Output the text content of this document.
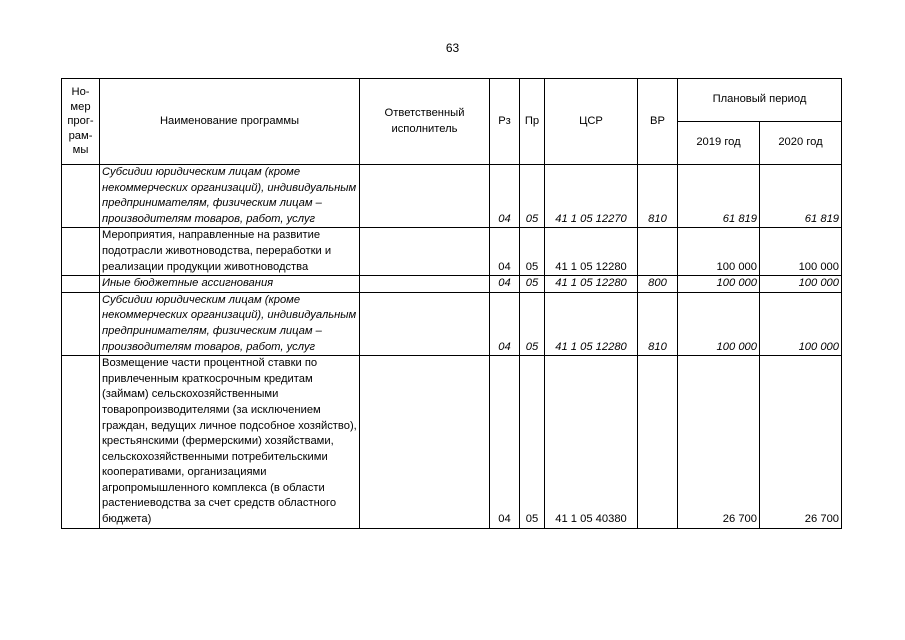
63
Но-мер прог-рам-мы	Наименование программы	Ответственный исполнитель	Рз	Пр	ЦСР	ВР	Плановый период	
							2019 год	2020 год
	Субсидии юридическим лицам (кроме некоммерческих организаций), индивидуальным предпринимателям, физическим лицам – производителям товаров, работ, услуг		04	05	41 1 05 12270	810	61 819	61 819
	Мероприятия, направленные на развитие подотрасли животноводства, переработки и реализации продукции животноводства		04	05	41 1 05 12280		100 000	100 000
	Иные бюджетные ассигнования		04	05	41 1 05 12280	800	100 000	100 000
	Субсидии юридическим лицам (кроме некоммерческих организаций), индивидуальным предпринимателям, физическим лицам – производителям товаров, работ, услуг		04	05	41 1 05 12280	810	100 000	100 000
	Возмещение части процентной ставки по привлеченным краткосрочным кредитам (займам) сельскохозяйственными товаропроизводителями (за исключением граждан, ведущих личное подсобное хозяйство), крестьянскими (фермерскими) хозяйствами, сельскохозяйственными потребительскими кооперативами, организациями агропромышленного комплекса (в области растениеводства за счет средств областного бюджета)		04	05	41 1 05 40380		26 700	26 700
